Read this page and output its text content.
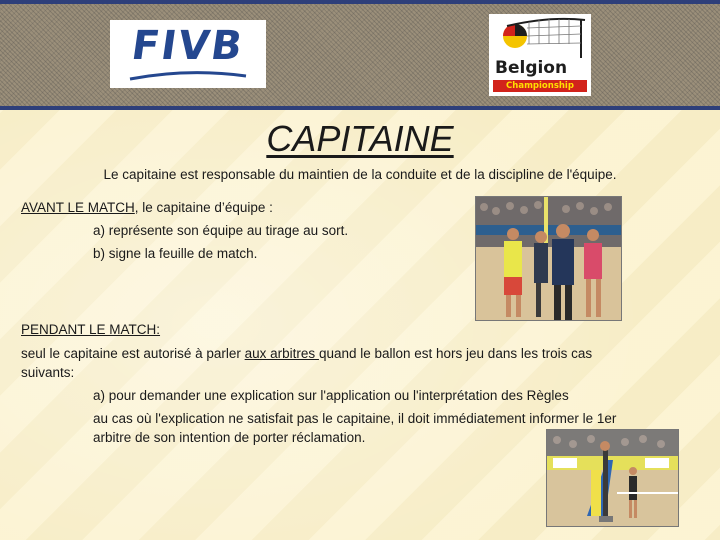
FIVB	Belgion
Championship
CAPITAINE
Le capitaine est responsable du maintien de la conduite et de la discipline de l'équipe.
AVANT LE MATCH, le capitaine d’équipe :
a) représente son équipe au tirage au sort.
b) signe la feuille de match.
PENDANT LE MATCH:
seul le capitaine est autorisé à parler aux arbitres quand le ballon est hors jeu dans les trois cas
suivants:
a) pour demander une explication sur l'application ou l'interprétation des Règles
au cas où l'explication ne satisfait pas le capitaine, il doit immédiatement informer le 1er
arbitre de son intention de porter réclamation.
